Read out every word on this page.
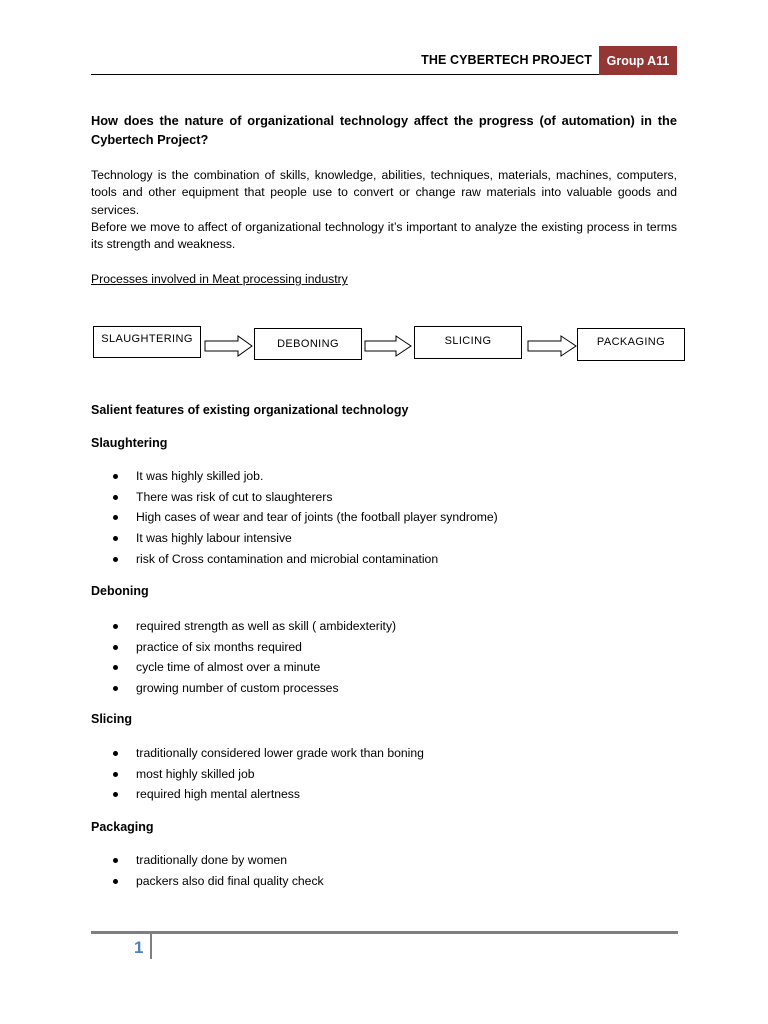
THE CYBERTECH PROJECT	Group A11
How does the nature of organizational technology affect the progress (of automation) in the Cybertech Project?
Technology is the combination of skills, knowledge, abilities, techniques, materials, machines, computers, tools and other equipment that people use to convert or change raw materials into valuable goods and services.
Before we move to affect of organizational technology it’s important to analyze the existing process in terms its strength and weakness.
Processes involved in Meat processing industry
SLAUGHTERING	DEBONING	SLICING	PACKAGING
Salient features of existing organizational technology
Slaughtering
It was highly skilled job.
There was risk of cut to slaughterers
High cases of wear and tear of joints (the football player syndrome)
It was highly labour intensive
risk of Cross contamination and microbial contamination
Deboning
required strength as well as skill ( ambidexterity)
practice of six months required
cycle time of almost over a minute
growing number of custom processes
Slicing
traditionally considered lower grade work than boning
most highly skilled job
required high mental alertness
Packaging
traditionally done by women
packers also did final quality check
1
